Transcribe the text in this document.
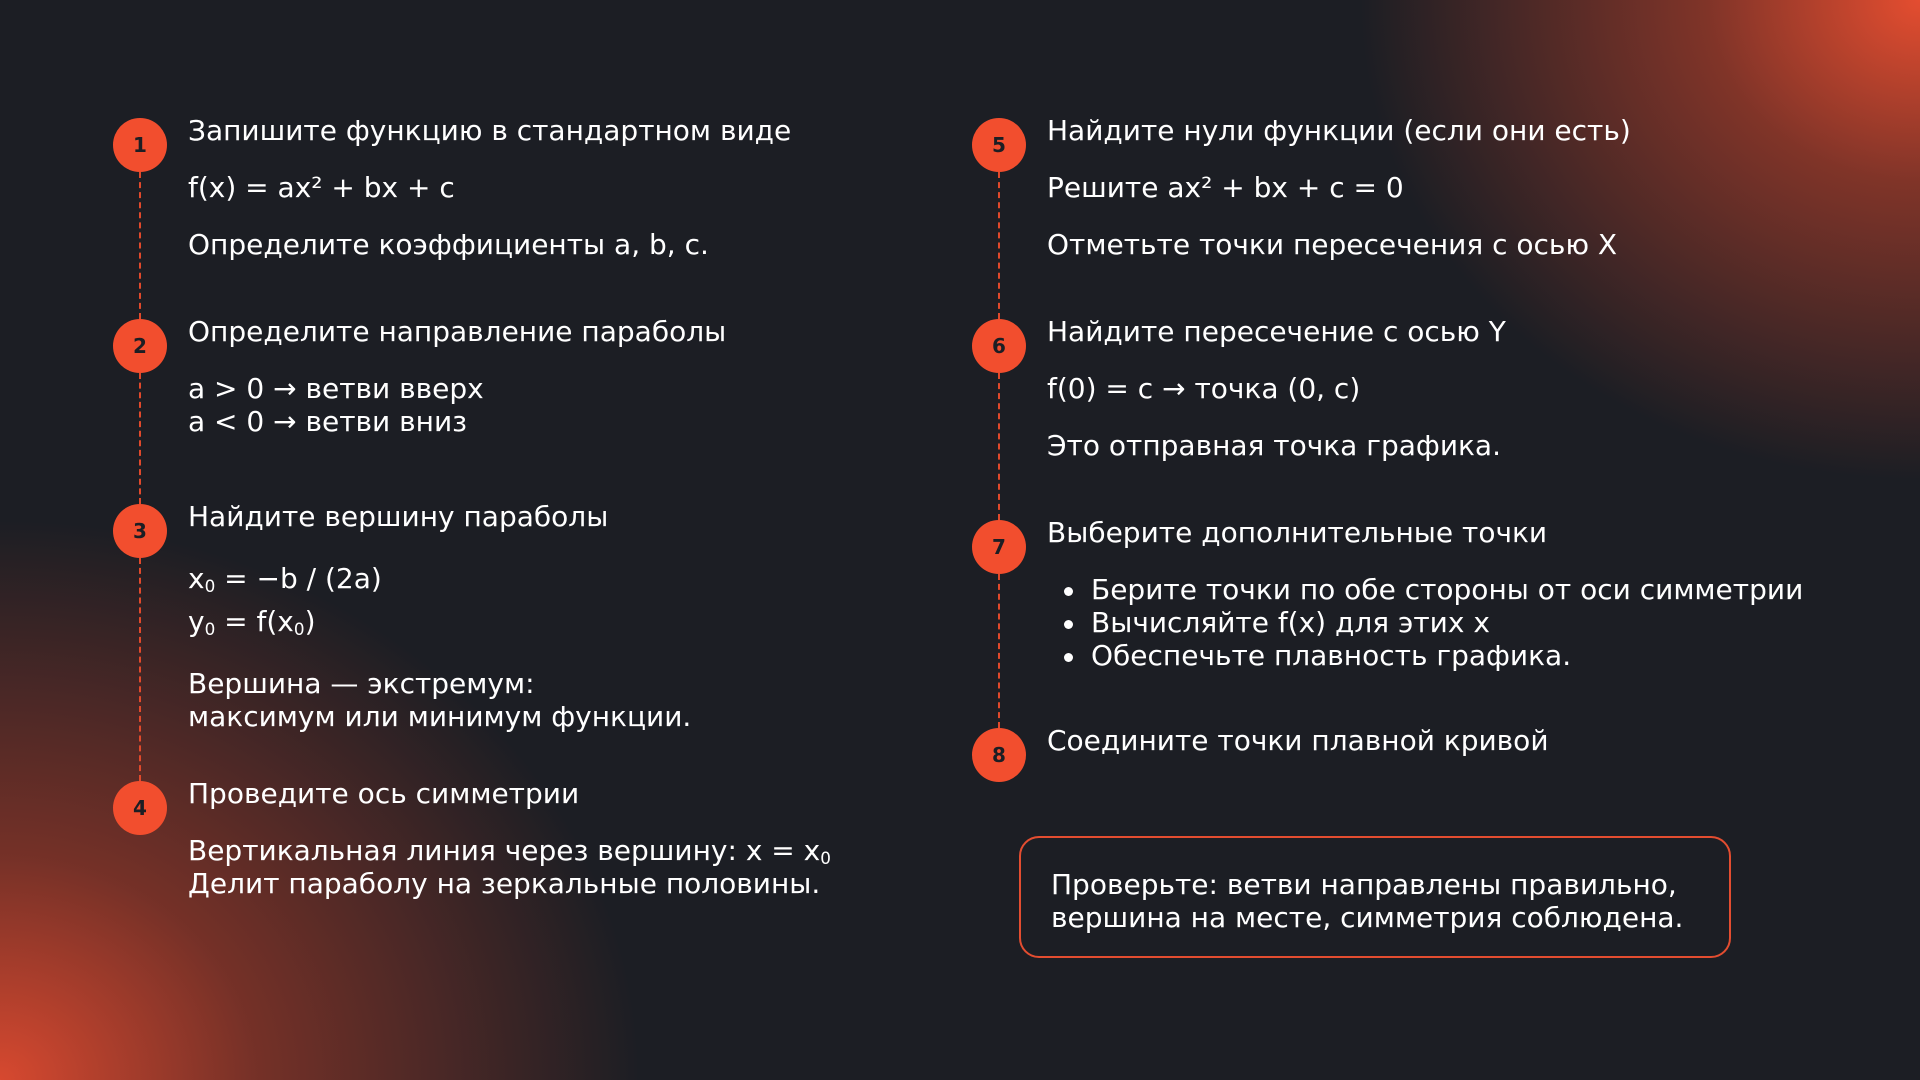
1	Запишите функцию в стандартном виде
f(x) = ax² + bx + c
Определите коэффициенты a, b, c.
2	Определите направление параболы
a > 0 → ветви вверх
a < 0 → ветви вниз
3	Найдите вершину параболы
$x_0 = -b / (2a)$
$y_0 = f(x_0)$
Вершина — экстремум:
максимум или минимум функции.
4	Проведите ось симметрии
Вертикальная линия через вершину: $x = x_0$
Делит параболу на зеркальные половины.
5	Найдите нули функции (если они есть)
Решите ax² + bx + c = 0
Отметьте точки пересечения с осью X
6	Найдите пересечение с осью Y
f(0) = c → точка (0, c)
Это отправная точка графика.
7	Выберите дополнительные точки
Берите точки по обе стороны от оси симметрии
Вычисляйте f(x) для этих x
Обеспечьте плавность графика.
8	Соедините точки плавной кривой
Проверьте: ветви направлены правильно,
вершина на месте, симметрия соблюдена.
